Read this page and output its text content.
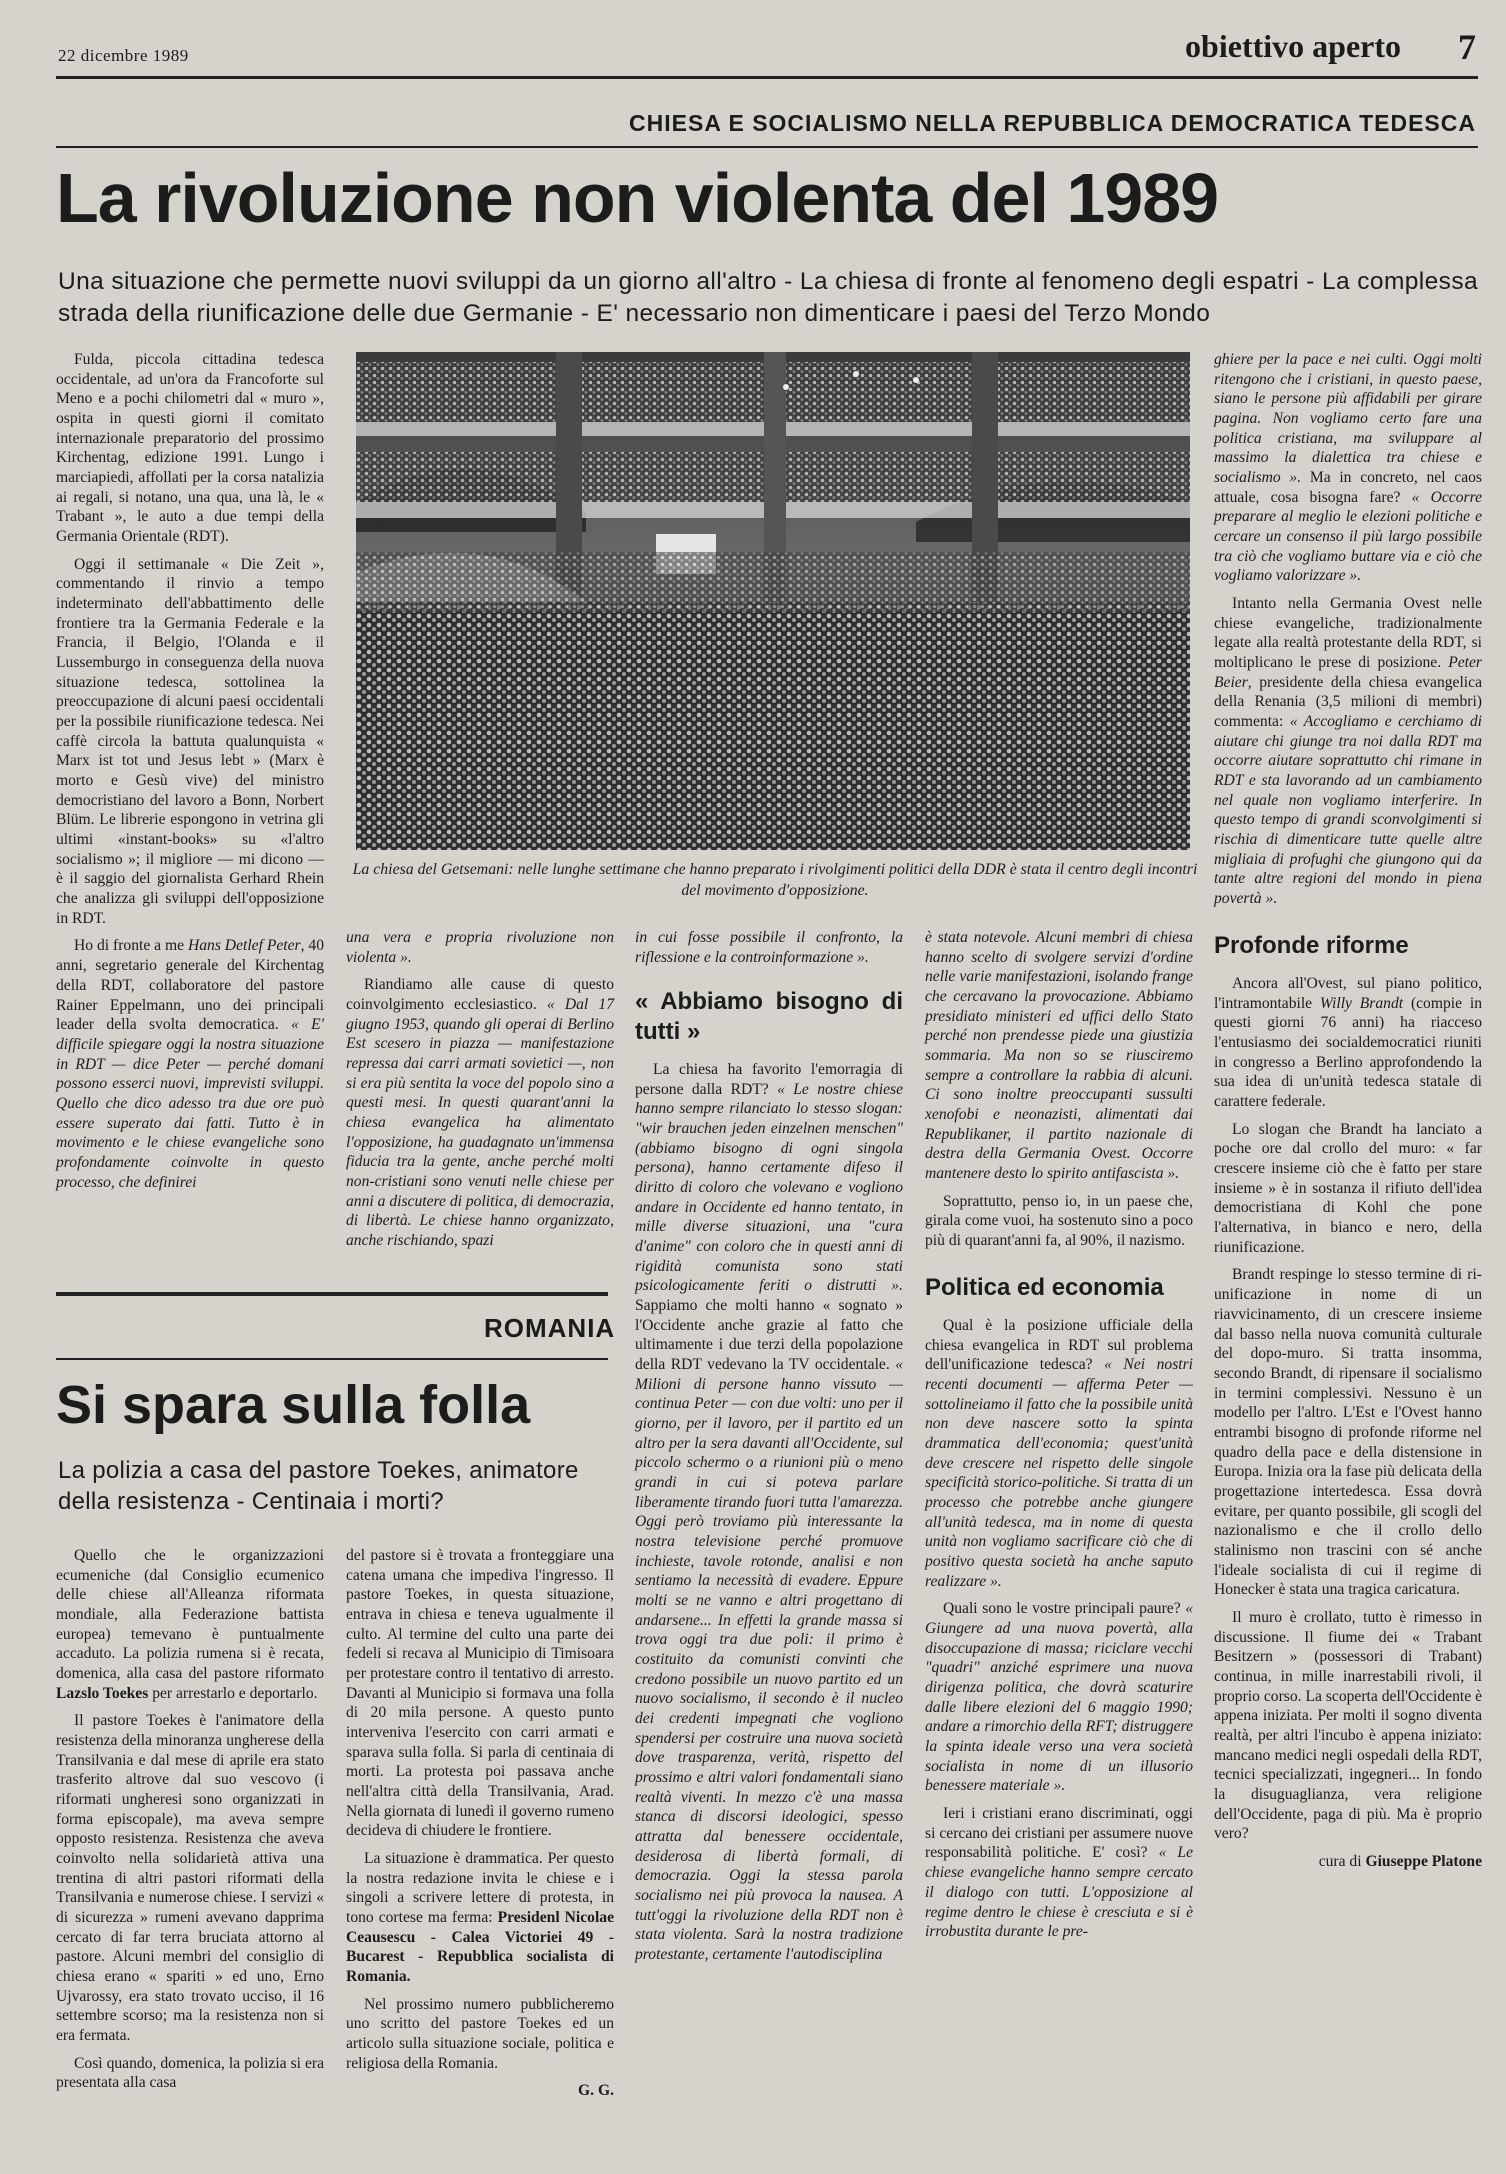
22 dicembre 1989	obiettivo aperto 7
CHIESA E SOCIALISMO NELLA REPUBBLICA DEMOCRATICA TEDESCA
La rivoluzione non violenta del 1989
Una situazione che permette nuovi sviluppi da un giorno all'altro - La chiesa di fronte al fenomeno degli espatri - La complessa strada della riunificazione delle due Germanie - E' necessario non dimenticare i paesi del Terzo Mondo

Fulda, piccola cittadina tedesca occidentale, ad un'ora da Francoforte sul Meno e a pochi chilometri dal « muro », ospita in questi giorni il comitato internazionale preparatorio del prossimo Kirchentag, edizione 1991. Lungo i marciapiedi, affollati per la corsa natalizia ai regali, si notano, una qua, una là, le « Trabant », le auto a due tempi della Germania Orientale (RDT).

Oggi il settimanale « Die Zeit », commentando il rinvio a tempo indeterminato dell'abbattimento delle frontiere tra la Germania Federale e la Francia, il Belgio, l'Olanda e il Lussemburgo in conseguenza della nuova situazione tedesca, sottolinea la preoccupazione di alcuni paesi occidentali per la possibile riunificazione tedesca. Nei caffè circola la battuta qualunquista « Marx ist tot und Jesus lebt » (Marx è morto e Gesù vive) del ministro democristiano del lavoro a Bonn, Norbert Blüm. Le librerie espongono in vetrina gli ultimi «instant-books» su «l'altro socialismo »; il migliore — mi dicono — è il saggio del giornalista Gerhard Rhein che analizza gli sviluppi dell'opposizione in RDT.

Ho di fronte a me Hans Detlef Peter, 40 anni, segretario generale del Kirchentag della RDT, collaboratore del pastore Rainer Eppelmann, uno dei principali leader della svolta democratica. « E' difficile spiegare oggi la nostra situazione in RDT — dice Peter — perché domani possono esserci nuovi, imprevisti sviluppi. Quello che dico adesso tra due ore può essere superato dai fatti. Tutto è in movimento e le chiese evangeliche sono profondamente coinvolte in questo processo, che definirei

La chiesa del Getsemani: nelle lunghe settimane che hanno preparato i rivolgimenti politici della DDR è stata il centro degli incontri del movimento d'opposizione.

una vera e propria rivoluzione non violenta ».

Riandiamo alle cause di questo coinvolgimento ecclesiastico. « Dal 17 giugno 1953, quando gli operai di Berlino Est scesero in piazza — manifestazione repressa dai carri armati sovietici —, non si era più sentita la voce del popolo sino a questi mesi. In questi quarant'anni la chiesa evangelica ha alimentato l'opposizione, ha guadagnato un'immensa fiducia tra la gente, anche perché molti non-cristiani sono venuti nelle chiese per anni a discutere di politica, di democrazia, di libertà. Le chiese hanno organizzato, anche rischiando, spazi

in cui fosse possibile il confronto, la riflessione e la controinformazione ».

« Abbiamo bisogno di tutti »

La chiesa ha favorito l'emorragia di persone dalla RDT? « Le nostre chiese hanno sempre rilanciato lo stesso slogan: "wir brauchen jeden einzelnen menschen" (abbiamo bisogno di ogni singola persona), hanno certamente difeso il diritto di coloro che volevano e vogliono andare in Occidente ed hanno tentato, in mille diverse situazioni, una "cura d'anime" con coloro che in questi anni di rigidità comunista sono stati psicologicamente feriti o distrutti ». Sappiamo che molti hanno « sognato » l'Occidente anche grazie al fatto che ultimamente i due terzi della popolazione della RDT vedevano la TV occidentale. « Milioni di persone hanno vissuto — continua Peter — con due volti: uno per il giorno, per il lavoro, per il partito ed un altro per la sera davanti all'Occidente, sul piccolo schermo o a riunioni più o meno grandi in cui si poteva parlare liberamente tirando fuori tutta l'amarezza. Oggi però troviamo più interessante la nostra televisione perché promuove inchieste, tavole rotonde, analisi e non sentiamo la necessità di evadere. Eppure molti se ne vanno e altri progettano di andarsene... In effetti la grande massa si trova oggi tra due poli: il primo è costituito da comunisti convinti che credono possibile un nuovo partito ed un nuovo socialismo, il secondo è il nucleo dei credenti impegnati che vogliono spendersi per costruire una nuova società dove trasparenza, verità, rispetto del prossimo e altri valori fondamentali siano realtà viventi. In mezzo c'è una massa stanca di discorsi ideologici, spesso attratta dal benessere occidentale, desiderosa di libertà formali, di democrazia. Oggi la stessa parola socialismo nei più provoca la nausea. A tutt'oggi la rivoluzione della RDT non è stata violenta. Sarà la nostra tradizione protestante, certamente l'autodisciplina

è stata notevole. Alcuni membri di chiesa hanno scelto di svolgere servizi d'ordine nelle varie manifestazioni, isolando frange che cercavano la provocazione. Abbiamo presidiato ministeri ed uffici dello Stato perché non prendesse piede una giustizia sommaria. Ma non so se riusciremo sempre a controllare la rabbia di alcuni. Ci sono inoltre preoccupanti sussulti xenofobi e neonazisti, alimentati dai Republikaner, il partito nazionale di destra della Germania Ovest. Occorre mantenere desto lo spirito antifascista ».

Soprattutto, penso io, in un paese che, girala come vuoi, ha sostenuto sino a poco più di quarant'anni fa, al 90%, il nazismo.

Politica ed economia

Qual è la posizione ufficiale della chiesa evangelica in RDT sul problema dell'unificazione tedesca? « Nei nostri recenti documenti — afferma Peter — sottolineiamo il fatto che la possibile unità non deve nascere sotto la spinta drammatica dell'economia; quest'unità deve crescere nel rispetto delle singole specificità storico-politiche. Si tratta di un processo che potrebbe anche giungere all'unità tedesca, ma in nome di questa unità non vogliamo sacrificare ciò che di positivo questa società ha anche saputo realizzare ».

Quali sono le vostre principali paure? « Giungere ad una nuova povertà, alla disoccupazione di massa; riciclare vecchi "quadri" anziché esprimere una nuova dirigenza politica, che dovrà scaturire dalle libere elezioni del 6 maggio 1990; andare a rimorchio della RFT; distruggere la spinta ideale verso una vera società socialista in nome di un illusorio benessere materiale ».

Ieri i cristiani erano discriminati, oggi si cercano dei cristiani per assumere nuove responsabilità politiche. E' così? « Le chiese evangeliche hanno sempre cercato il dialogo con tutti. L'opposizione al regime dentro le chiese è cresciuta e si è irrobustita durante le pre-

ghiere per la pace e nei culti. Oggi molti ritengono che i cristiani, in questo paese, siano le persone più affidabili per girare pagina. Non vogliamo certo fare una politica cristiana, ma sviluppare al massimo la dialettica tra chiese e socialismo ». Ma in concreto, nel caos attuale, cosa bisogna fare? « Occorre preparare al meglio le elezioni politiche e cercare un consenso il più largo possibile tra ciò che vogliamo buttare via e ciò che vogliamo valorizzare ».

Intanto nella Germania Ovest nelle chiese evangeliche, tradizionalmente legate alla realtà protestante della RDT, si moltiplicano le prese di posizione. Peter Beier, presidente della chiesa evangelica della Renania (3,5 milioni di membri) commenta: « Accogliamo e cerchiamo di aiutare chi giunge tra noi dalla RDT ma occorre aiutare soprattutto chi rimane in RDT e sta lavorando ad un cambiamento nel quale non vogliamo interferire. In questo tempo di grandi sconvolgimenti si rischia di dimenticare tutte quelle altre migliaia di profughi che giungono qui da tante altre regioni del mondo in piena povertà ».

Profonde riforme

Ancora all'Ovest, sul piano politico, l'intramontabile Willy Brandt (compie in questi giorni 76 anni) ha riacceso l'entusiasmo dei socialdemocratici riuniti in congresso a Berlino approfondendo la sua idea di un'unità tedesca statale di carattere federale.

Lo slogan che Brandt ha lanciato a poche ore dal crollo del muro: « far crescere insieme ciò che è fatto per stare insieme » è in sostanza il rifiuto dell'idea democristiana di Kohl che pone l'alternativa, in bianco e nero, della riunificazione.

Brandt respinge lo stesso termine di ri-unificazione in nome di un riavvicinamento, di un crescere insieme dal basso nella nuova comunità culturale del dopo-muro. Si tratta insomma, secondo Brandt, di ripensare il socialismo in termini complessivi. Nessuno è un modello per l'altro. L'Est e l'Ovest hanno entrambi bisogno di profonde riforme nel quadro della pace e della distensione in Europa. Inizia ora la fase più delicata della progettazione intertedesca. Essa dovrà evitare, per quanto possibile, gli scogli del nazionalismo e che il crollo dello stalinismo non trascini con sé anche l'ideale socialista di cui il regime di Honecker è stata una tragica caricatura.

Il muro è crollato, tutto è rimesso in discussione. Il fiume dei « Trabant Besitzern » (possessori di Trabant) continua, in mille inarrestabili rivoli, il proprio corso. La scoperta dell'Occidente è appena iniziata. Per molti il sogno diventa realtà, per altri l'incubo è appena iniziato: mancano medici negli ospedali della RDT, tecnici specializzati, ingegneri... In fondo la disuguaglianza, vera religione dell'Occidente, paga di più. Ma è proprio vero?

cura di Giuseppe Platone

ROMANIA
Si spara sulla folla
La polizia a casa del pastore Toekes, animatore della resistenza - Centinaia i morti?

Quello che le organizzazioni ecumeniche (dal Consiglio ecumenico delle chiese all'Alleanza riformata mondiale, alla Federazione battista europea) temevano è puntualmente accaduto. La polizia rumena si è recata, domenica, alla casa del pastore riformato Lazslo Toekes per arrestarlo e deportarlo.

Il pastore Toekes è l'animatore della resistenza della minoranza ungherese della Transilvania e dal mese di aprile era stato trasferito altrove dal suo vescovo (i riformati ungheresi sono organizzati in forma episcopale), ma aveva sempre opposto resistenza. Resistenza che aveva coinvolto nella solidarietà attiva una trentina di altri pastori riformati della Transilvania e numerose chiese. I servizi « di sicurezza » rumeni avevano dapprima cercato di far terra bruciata attorno al pastore. Alcuni membri del consiglio di chiesa erano « spariti » ed uno, Erno Ujvarossy, era stato trovato ucciso, il 16 settembre scorso; ma la resistenza non si era fermata.

Così quando, domenica, la polizia si era presentata alla casa

del pastore si è trovata a fronteggiare una catena umana che impediva l'ingresso. Il pastore Toekes, in questa situazione, entrava in chiesa e teneva ugualmente il culto. Al termine del culto una parte dei fedeli si recava al Municipio di Timisoara per protestare contro il tentativo di arresto. Davanti al Municipio si formava una folla di 20 mila persone. A questo punto interveniva l'esercito con carri armati e sparava sulla folla. Si parla di centinaia di morti. La protesta poi passava anche nell'altra città della Transilvania, Arad. Nella giornata di lunedì il governo rumeno decideva di chiudere le frontiere.

La situazione è drammatica. Per questo la nostra redazione invita le chiese e i singoli a scrivere lettere di protesta, in tono cortese ma ferma: Presidenl Nicolae Ceausescu - Calea Victoriei 49 - Bucarest - Repubblica socialista di Romania.

Nel prossimo numero pubblicheremo uno scritto del pastore Toekes ed un articolo sulla situazione sociale, politica e religiosa della Romania.

G. G.
